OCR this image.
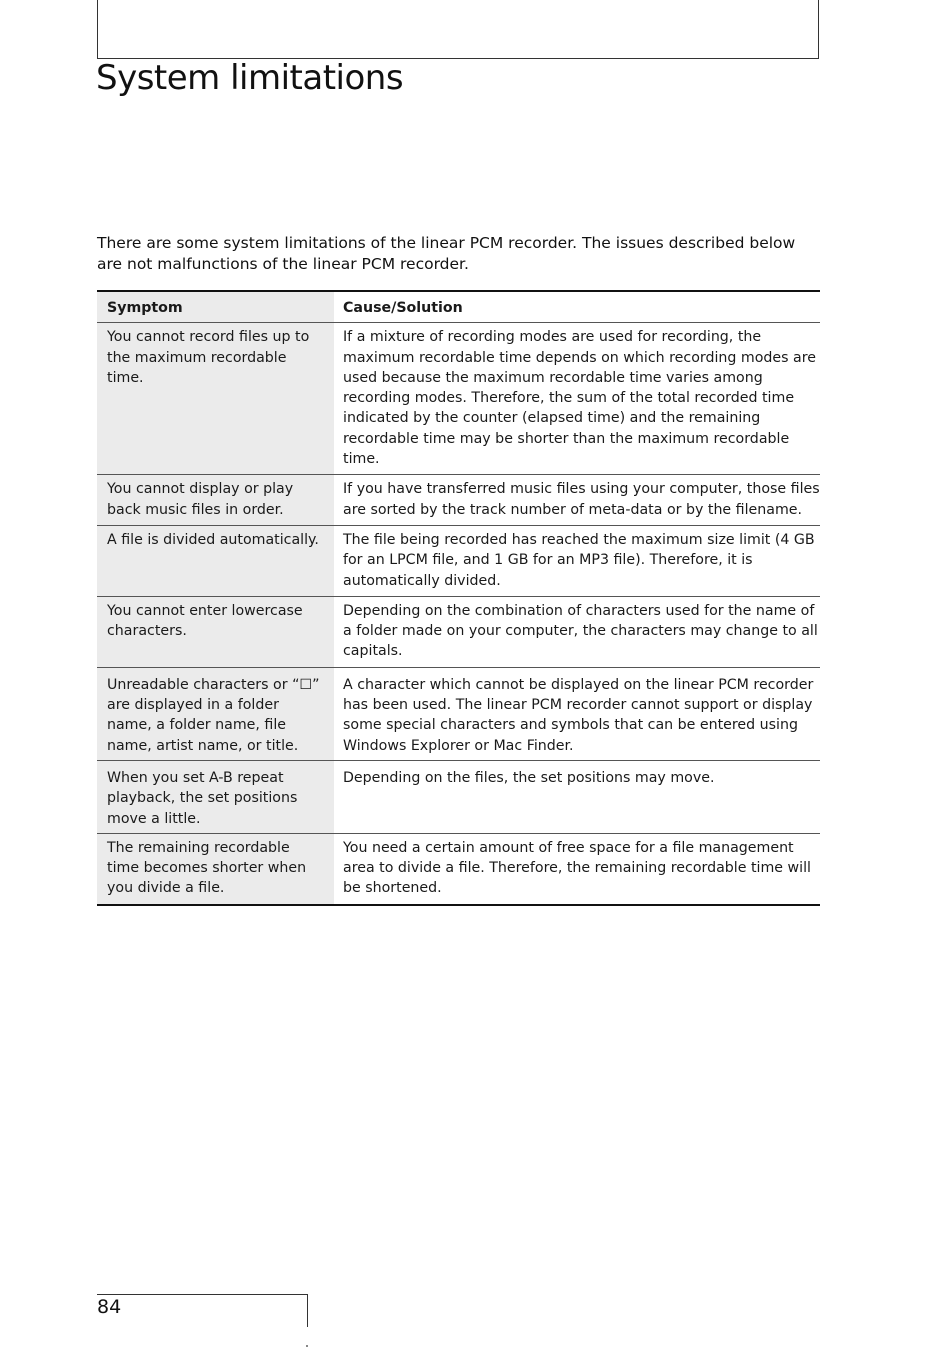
System limitations

There are some system limitations of the linear PCM recorder. The issues described below are not malfunctions of the linear PCM recorder.

Symptom	Cause/Solution
You cannot record files up to the maximum recordable time.	If a mixture of recording modes are used for recording, the maximum recordable time depends on which recording modes are used because the maximum recordable time varies among recording modes. Therefore, the sum of the total recorded time indicated by the counter (elapsed time) and the remaining recordable time may be shorter than the maximum recordable time.
You cannot display or play back music files in order.	If you have transferred music files using your computer, those files are sorted by the track number of meta-data or by the filename.
A file is divided automatically.	The file being recorded has reached the maximum size limit (4 GB for an LPCM file, and 1 GB for an MP3 file). Therefore, it is automatically divided.
You cannot enter lowercase characters.	Depending on the combination of characters used for the name of a folder made on your computer, the characters may change to all capitals.
Unreadable characters or “☐” are displayed in a folder name, a folder name, file name, artist name, or title.	A character which cannot be displayed on the linear PCM recorder has been used. The linear PCM recorder cannot support or display some special characters and symbols that can be entered using Windows Explorer or Mac Finder.
When you set A-B repeat playback, the set positions move a little.	Depending on the files, the set positions may move.
The remaining recordable time becomes shorter when you divide a file.	You need a certain amount of free space for a file management area to divide a file. Therefore, the remaining recordable time will be shortened.
84
